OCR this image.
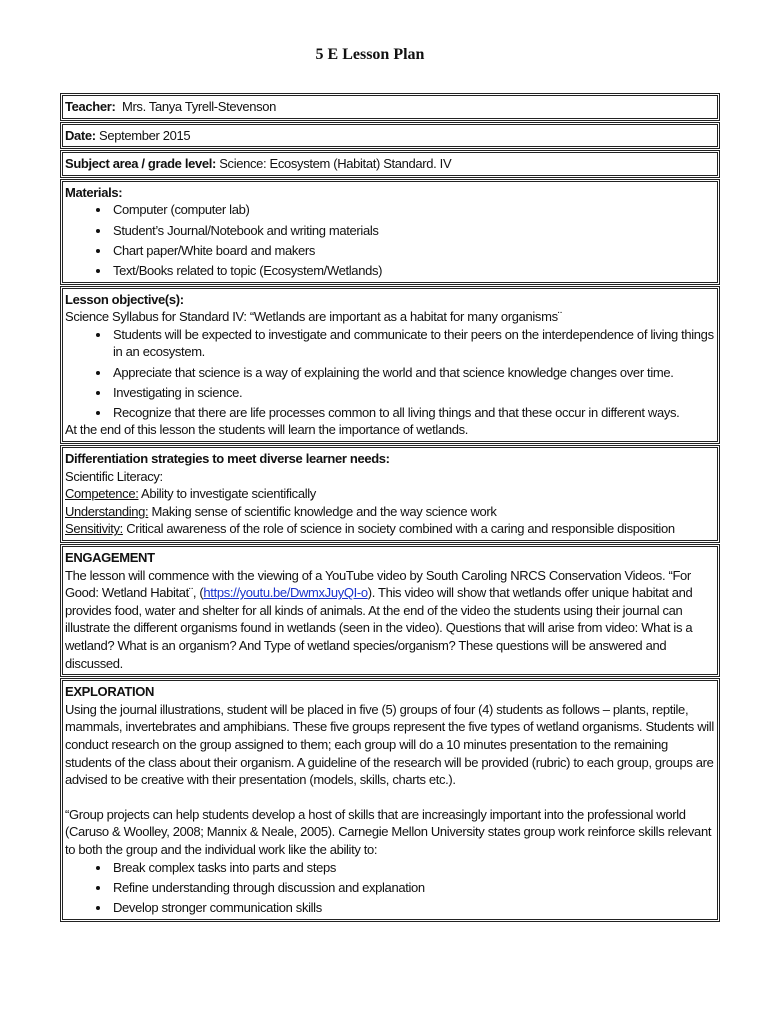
5 E Lesson Plan
Teacher: Mrs. Tanya Tyrell-Stevenson
Date: September 2015
Subject area / grade level: Science: Ecosystem (Habitat) Standard. IV
Materials:
• Computer (computer lab)
• Student’s Journal/Notebook and writing materials
• Chart paper/White board and makers
• Text/Books related to topic (Ecosystem/Wetlands)
Lesson objective(s):
Science Syllabus for Standard IV: “Wetlands are important as a habitat for many organisms¨
• Students will be expected to investigate and communicate to their peers on the interdependence of living things in an ecosystem.
• Appreciate that science is a way of explaining the world and that science knowledge changes over time.
• Investigating in science.
• Recognize that there are life processes common to all living things and that these occur in different ways.
At the end of this lesson the students will learn the importance of wetlands.
Differentiation strategies to meet diverse learner needs:
Scientific Literacy:
Competence: Ability to investigate scientifically
Understanding: Making sense of scientific knowledge and the way science work
Sensitivity: Critical awareness of the role of science in society combined with a caring and responsible disposition
ENGAGEMENT
The lesson will commence with the viewing of a YouTube video by South Caroling NRCS Conservation Videos. “For Good: Wetland Habitat¨, (https://youtu.be/DwmxJuyQI-o). This video will show that wetlands offer unique habitat and provides food, water and shelter for all kinds of animals. At the end of the video the students using their journal can illustrate the different organisms found in wetlands (seen in the video). Questions that will arise from video: What is a wetland? What is an organism? And Type of wetland species/organism? These questions will be answered and discussed.
EXPLORATION
Using the journal illustrations, student will be placed in five (5) groups of four (4) students as follows – plants, reptile, mammals, invertebrates and amphibians. These five groups represent the five types of wetland organisms. Students will conduct research on the group assigned to them; each group will do a 10 minutes presentation to the remaining students of the class about their organism. A guideline of the research will be provided (rubric) to each group, groups are advised to be creative with their presentation (models, skills, charts etc.).
“Group projects can help students develop a host of skills that are increasingly important into the professional world (Caruso & Woolley, 2008; Mannix & Neale, 2005). Carnegie Mellon University states group work reinforce skills relevant to both the group and the individual work like the ability to:
• Break complex tasks into parts and steps
• Refine understanding through discussion and explanation
• Develop stronger communication skills
